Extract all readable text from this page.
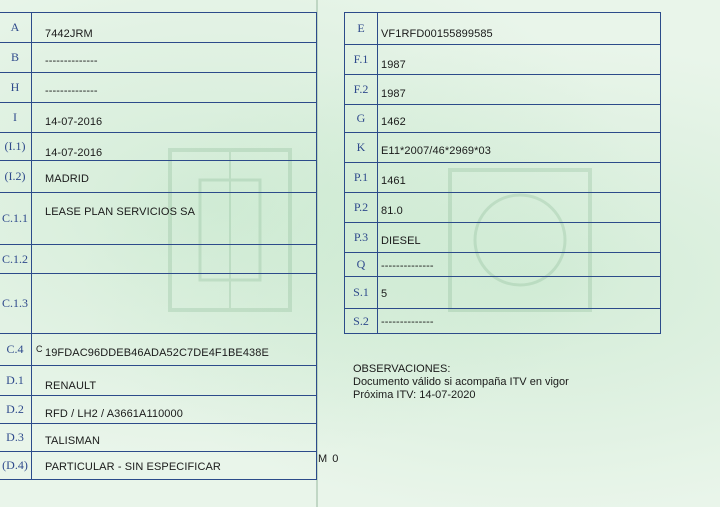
A	7442JRM
B	--------------
H	--------------
I	14-07-2016
(I.1)	14-07-2016
(I.2)	MADRID
C.1.1	LEASE PLAN SERVICIOS SA
C.1.2
C.1.3
C.4	C 19FDAC96DDEB46ADA52C7DE4F1BE438E
D.1	RENAULT
D.2	RFD / LH2 / A3661A110000
D.3	TALISMAN
(D.4)	PARTICULAR - SIN ESPECIFICAR
E	VF1RFD00155899585
F.1	1987
F.2	1987
G	1462
K	E11*2007/46*2969*03
P.1	1461
P.2	81.0
P.3	DIESEL
Q	--------------
S.1	5
S.2	--------------
OBSERVACIONES:
Documento válido si acompaña ITV en vigor
Próxima ITV: 14-07-2020
M 0
